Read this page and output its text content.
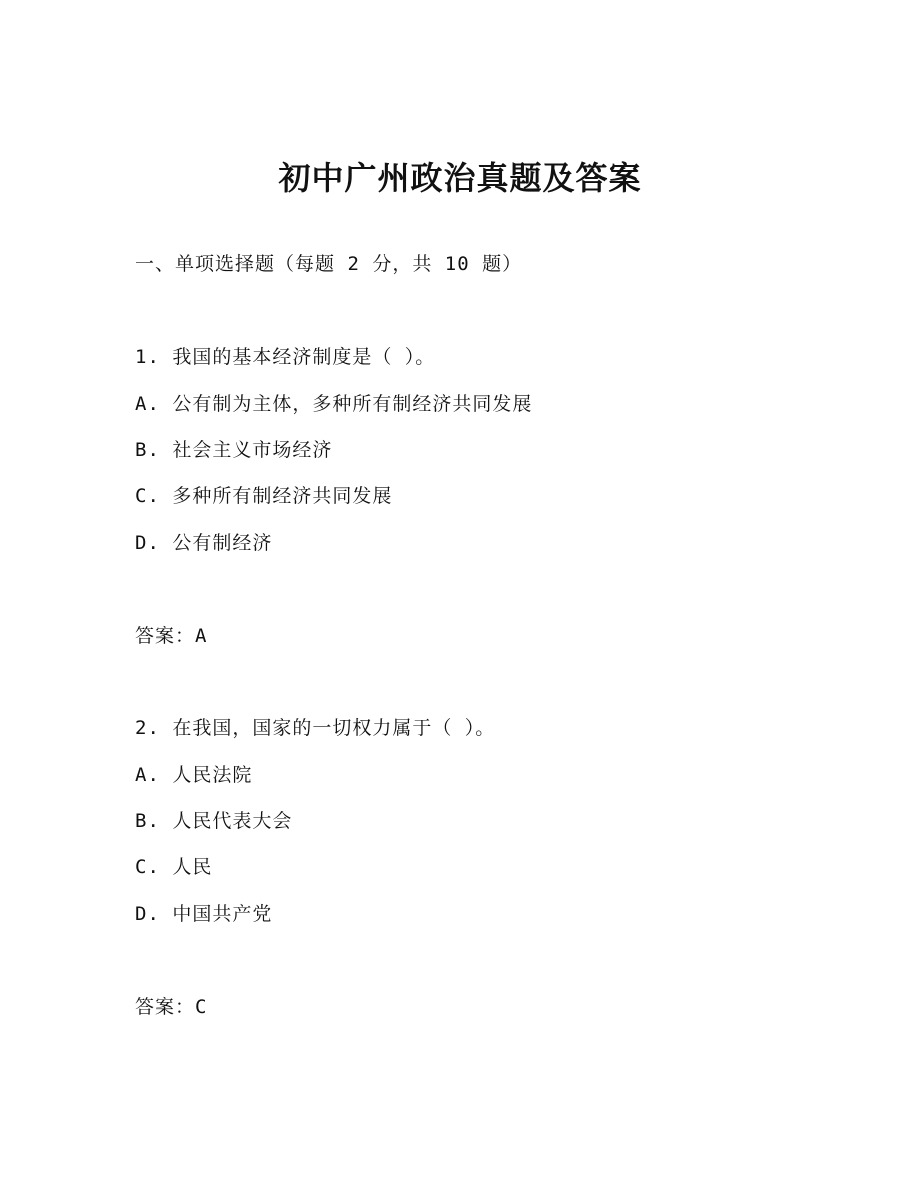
初中广州政治真题及答案
一、单项选择题（每题 2 分，共 10 题）
1. 我国的基本经济制度是（ ）。
A. 公有制为主体，多种所有制经济共同发展
B. 社会主义市场经济
C. 多种所有制经济共同发展
D. 公有制经济
答案：A
2. 在我国，国家的一切权力属于（ ）。
A. 人民法院
B. 人民代表大会
C. 人民
D. 中国共产党
答案：C
